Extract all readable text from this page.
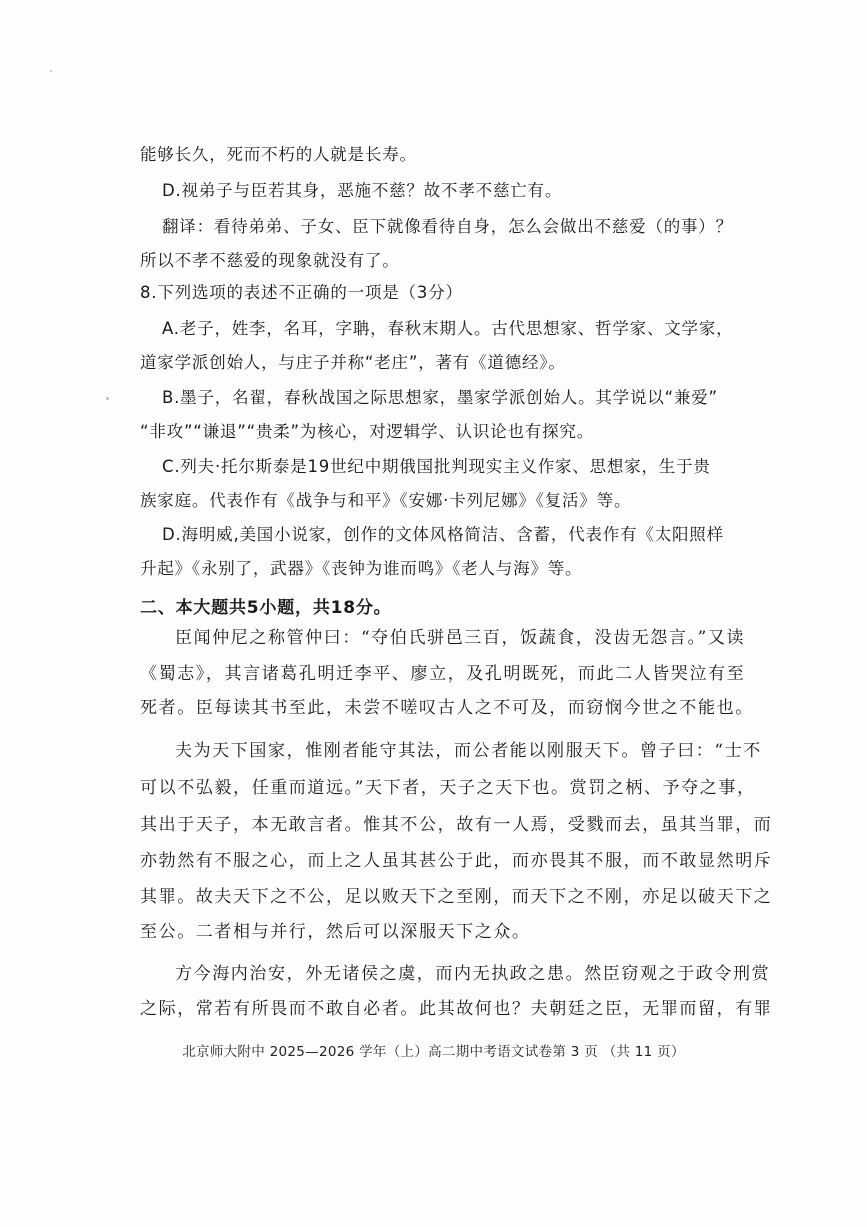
能够长久，死而不朽的人就是长寿。
D.视弟子与臣若其身，恶施不慈？故不孝不慈亡有。
翻译：看待弟弟、子女、臣下就像看待自身，怎么会做出不慈爱（的事）？
所以不孝不慈爱的现象就没有了。
8.下列选项的表述不正确的一项是（3分）
A.老子，姓李，名耳，字聃，春秋末期人。古代思想家、哲学家、文学家，
道家学派创始人，与庄子并称“老庄”，著有《道德经》。
B.墨子，名翟，春秋战国之际思想家，墨家学派创始人。其学说以“兼爱”
“非攻”“谦退”“贵柔”为核心，对逻辑学、认识论也有探究。
C.列夫·托尔斯泰是19世纪中期俄国批判现实主义作家、思想家，生于贵
族家庭。代表作有《战争与和平》《安娜·卡列尼娜》《复活》等。
D.海明威,美国小说家，创作的文体风格简洁、含蓄，代表作有《太阳照样
升起》《永别了，武器》《丧钟为谁而鸣》《老人与海》等。
二、本大题共5小题，共18分。
臣闻仲尼之称管仲曰：“夺伯氏骈邑三百，饭蔬食，没齿无怨言。”又读
《蜀志》，其言诸葛孔明迁李平、廖立，及孔明既死，而此二人皆哭泣有至
死者。臣每读其书至此，未尝不嗟叹古人之不可及，而窃悯今世之不能也。
夫为天下国家，惟刚者能守其法，而公者能以刚服天下。曾子曰：“士不
可以不弘毅，任重而道远。”天下者，天子之天下也。赏罚之柄、予夺之事，
其出于天子，本无敢言者。惟其不公，故有一人焉，受戮而去，虽其当罪，而
亦勃然有不服之心，而上之人虽其甚公于此，而亦畏其不服，而不敢显然明斥
其罪。故夫天下之不公，足以败天下之至刚，而天下之不刚，亦足以破天下之
至公。二者相与并行，然后可以深服天下之众。
方今海内治安，外无诸侯之虞，而内无执政之患。然臣窃观之于政令刑赏
之际，常若有所畏而不敢自必者。此其故何也？夫朝廷之臣，无罪而留，有罪
北京师大附中 2025—2026 学年（上）高二期中考语文试卷第 3 页 （共 11 页）
